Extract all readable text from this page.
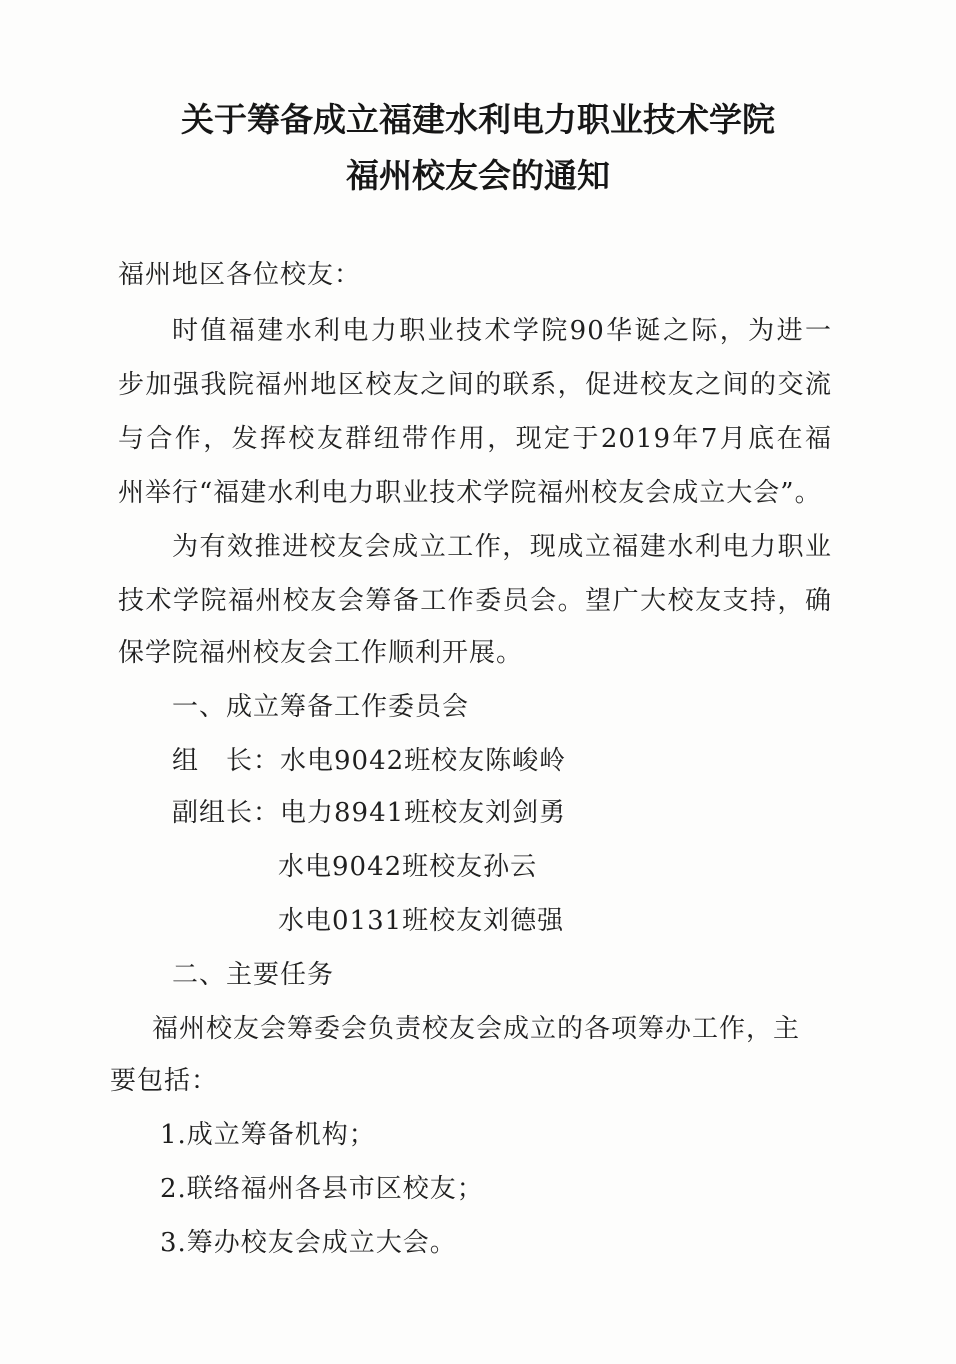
关于筹备成立福建水利电力职业技术学院
福州校友会的通知

福州地区各位校友：

时值福建水利电力职业技术学院90华诞之际，为进一

步加强我院福州地区校友之间的联系，促进校友之间的交流

与合作，发挥校友群纽带作用，现定于2019年7月底在福

州举行“福建水利电力职业技术学院福州校友会成立大会”。

为有效推进校友会成立工作，现成立福建水利电力职业

技术学院福州校友会筹备工作委员会。望广大校友支持，确

保学院福州校友会工作顺利开展。

一、成立筹备工作委员会

组　长：水电9042班校友陈峻岭

副组长：电力8941班校友刘剑勇

水电9042班校友孙云

水电0131班校友刘德强

二、主要任务

福州校友会筹委会负责校友会成立的各项筹办工作，主

要包括：

1.成立筹备机构；

2.联络福州各县市区校友；

3.筹办校友会成立大会。
